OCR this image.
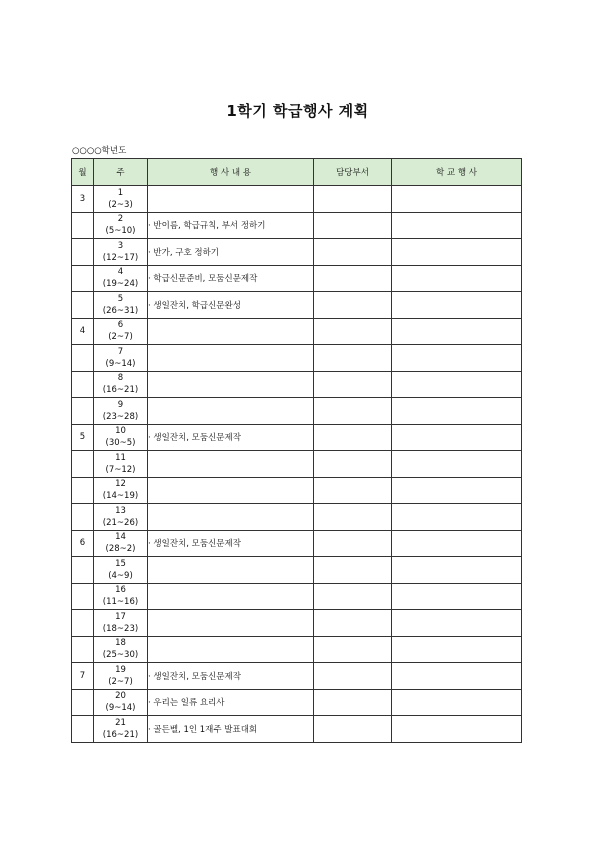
1학기 학급행사 계획
○○○○학년도
월	주	행 사 내 용	담당부서	학 교 행 사
3	1
(2~3)			

	2
(5~10)	· 반이름, 학급규칙, 부서 정하기		

	3
(12~17)	· 반가, 구호 정하기		

	4
(19~24)	· 학급신문준비, 모둠신문제작		

	5
(26~31)	· 생일잔치, 학급신문완성		
4	6
(2~7)			

	7
(9~14)			

	8
(16~21)			

	9
(23~28)			

5	10
(30~5)	· 생일잔치, 모둠신문제작		

	11
(7~12)			

	12
(14~19)			

	13
(21~26)			

6	14
(28~2)	· 생일잔치, 모둠신문제작		

	15
(4~9)			

	16
(11~16)			

	17
(18~23)			

	18
(25~30)			

7	19
(2~7)	· 생일잔치, 모둠신문제작		

	20
(9~14)	· 우리는 일류 요리사		

	21
(16~21)	· 골든벨, 1인 1재주 발표대회		
